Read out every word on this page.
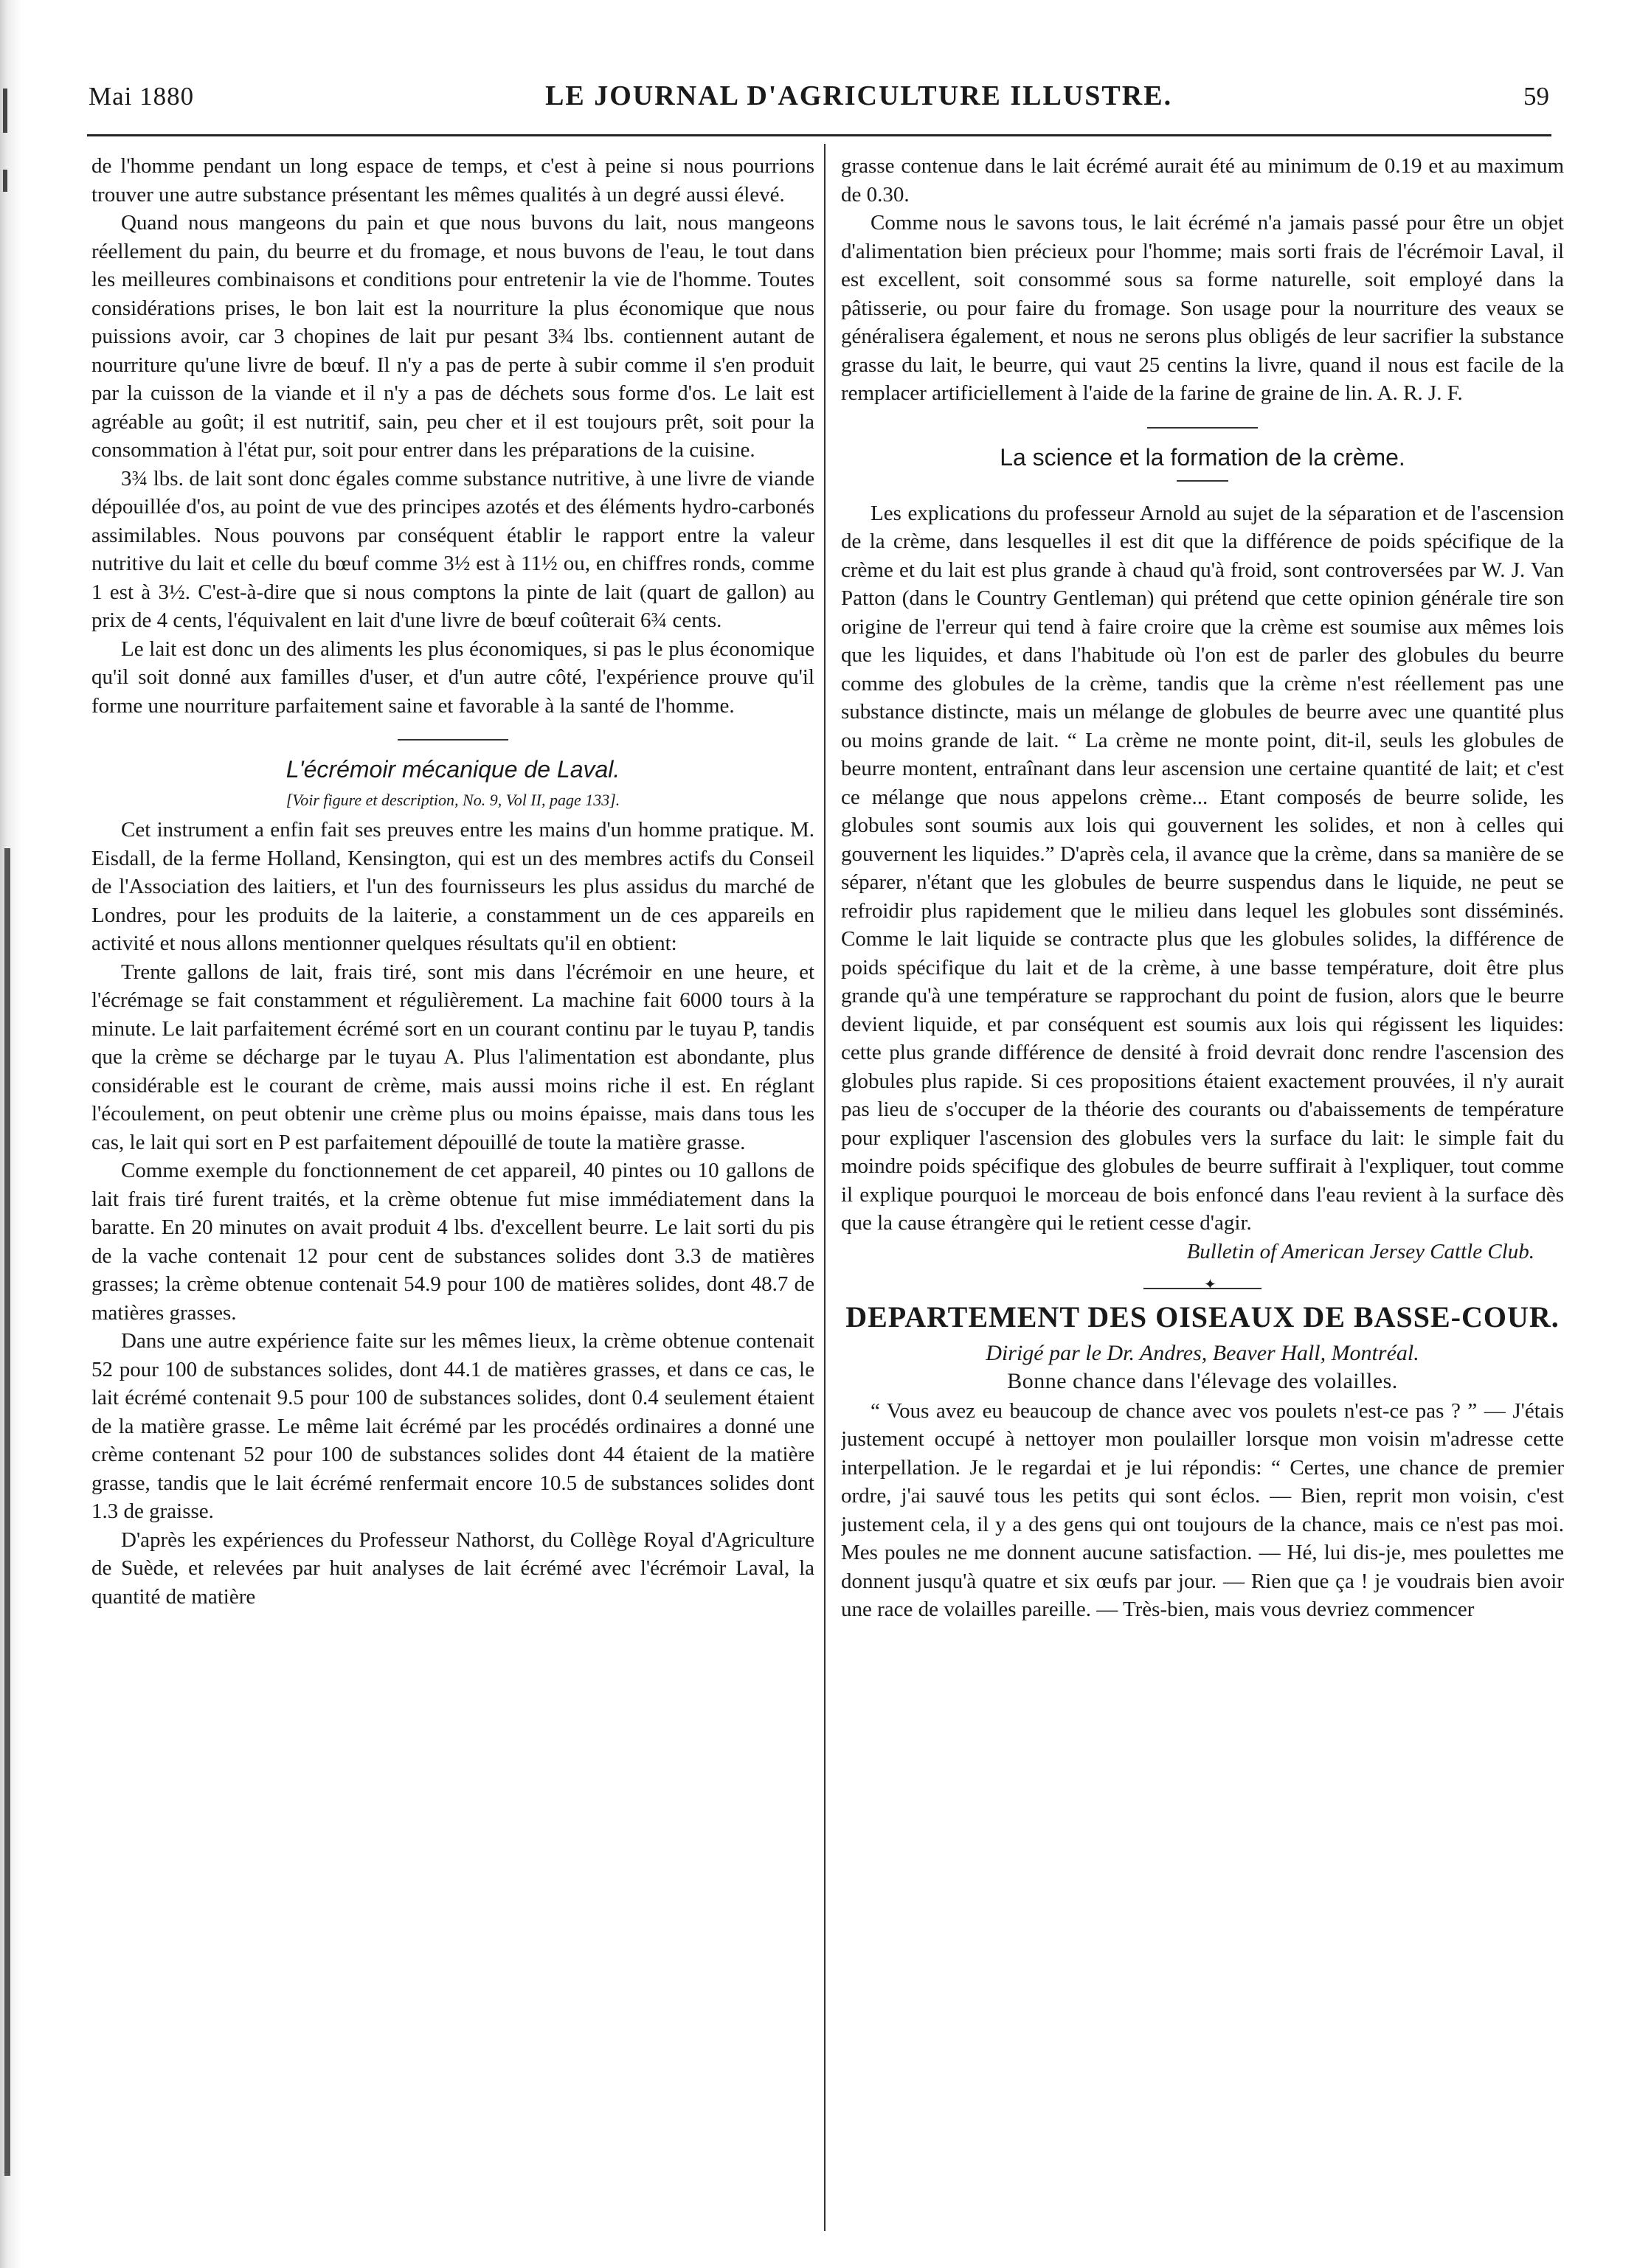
Mai 1880	LE JOURNAL D'AGRICULTURE ILLUSTRE.	59

de l'homme pendant un long espace de temps, et c'est à peine si nous pourrions trouver une autre substance présentant les mêmes qualités à un degré aussi élevé.

Quand nous mangeons du pain et que nous buvons du lait, nous mangeons réellement du pain, du beurre et du fromage, et nous buvons de l'eau, le tout dans les meilleures combinaisons et conditions pour entretenir la vie de l'homme. Toutes considérations prises, le bon lait est la nourriture la plus économique que nous puissions avoir, car 3 chopines de lait pur pesant 3¾ lbs. contiennent autant de nourriture qu'une livre de bœuf. Il n'y a pas de perte à subir comme il s'en produit par la cuisson de la viande et il n'y a pas de déchets sous forme d'os. Le lait est agréable au goût; il est nutritif, sain, peu cher et il est toujours prêt, soit pour la consommation à l'état pur, soit pour entrer dans les préparations de la cuisine.

3¾ lbs. de lait sont donc égales comme substance nutritive, à une livre de viande dépouillée d'os, au point de vue des principes azotés et des éléments hydro-carbonés assimilables. Nous pouvons par conséquent établir le rapport entre la valeur nutritive du lait et celle du bœuf comme 3½ est à 11½ ou, en chiffres ronds, comme 1 est à 3½. C'est-à-dire que si nous comptons la pinte de lait (quart de gallon) au prix de 4 cents, l'équivalent en lait d'une livre de bœuf coûterait 6¾ cents.

Le lait est donc un des aliments les plus économiques, si pas le plus économique qu'il soit donné aux familles d'user, et d'un autre côté, l'expérience prouve qu'il forme une nourriture parfaitement saine et favorable à la santé de l'homme.

L'écrémoir mécanique de Laval.
[Voir figure et description, No. 9, Vol II, page 133].

Cet instrument a enfin fait ses preuves entre les mains d'un homme pratique. M. Eisdall, de la ferme Holland, Kensington, qui est un des membres actifs du Conseil de l'Association des laitiers, et l'un des fournisseurs les plus assidus du marché de Londres, pour les produits de la laiterie, a constamment un de ces appareils en activité et nous allons mentionner quelques résultats qu'il en obtient:

Trente gallons de lait, frais tiré, sont mis dans l'écrémoir en une heure, et l'écrémage se fait constamment et régulièrement. La machine fait 6000 tours à la minute. Le lait parfaitement écrémé sort en un courant continu par le tuyau P, tandis que la crème se décharge par le tuyau A. Plus l'alimentation est abondante, plus considérable est le courant de crème, mais aussi moins riche il est. En réglant l'écoulement, on peut obtenir une crème plus ou moins épaisse, mais dans tous les cas, le lait qui sort en P est parfaitement dépouillé de toute la matière grasse.

Comme exemple du fonctionnement de cet appareil, 40 pintes ou 10 gallons de lait frais tiré furent traités, et la crème obtenue fut mise immédiatement dans la baratte. En 20 minutes on avait produit 4 lbs. d'excellent beurre. Le lait sorti du pis de la vache contenait 12 pour cent de substances solides dont 3.3 de matières grasses; la crème obtenue contenait 54.9 pour 100 de matières solides, dont 48.7 de matières grasses.

Dans une autre expérience faite sur les mêmes lieux, la crème obtenue contenait 52 pour 100 de substances solides, dont 44.1 de matières grasses, et dans ce cas, le lait écrémé contenait 9.5 pour 100 de substances solides, dont 0.4 seulement étaient de la matière grasse. Le même lait écrémé par les procédés ordinaires a donné une crème contenant 52 pour 100 de substances solides dont 44 étaient de la matière grasse, tandis que le lait écrémé renfermait encore 10.5 de substances solides dont 1.3 de graisse.

D'après les expériences du Professeur Nathorst, du Collège Royal d'Agriculture de Suède, et relevées par huit analyses de lait écrémé avec l'écrémoir Laval, la quantité de matière

grasse contenue dans le lait écrémé aurait été au minimum de 0.19 et au maximum de 0.30.

Comme nous le savons tous, le lait écrémé n'a jamais passé pour être un objet d'alimentation bien précieux pour l'homme; mais sorti frais de l'écrémoir Laval, il est excellent, soit consommé sous sa forme naturelle, soit employé dans la pâtisserie, ou pour faire du fromage. Son usage pour la nourriture des veaux se généralisera également, et nous ne serons plus obligés de leur sacrifier la substance grasse du lait, le beurre, qui vaut 25 centins la livre, quand il nous est facile de la remplacer artificiellement à l'aide de la farine de graine de lin. A. R. J. F.

La science et la formation de la crème.

Les explications du professeur Arnold au sujet de la séparation et de l'ascension de la crème, dans lesquelles il est dit que la différence de poids spécifique de la crème et du lait est plus grande à chaud qu'à froid, sont controversées par W. J. Van Patton (dans le Country Gentleman) qui prétend que cette opinion générale tire son origine de l'erreur qui tend à faire croire que la crème est soumise aux mêmes lois que les liquides, et dans l'habitude où l'on est de parler des globules du beurre comme des globules de la crème, tandis que la crème n'est réellement pas une substance distincte, mais un mélange de globules de beurre avec une quantité plus ou moins grande de lait. “ La crème ne monte point, dit-il, seuls les globules de beurre montent, entraînant dans leur ascension une certaine quantité de lait; et c'est ce mélange que nous appelons crème... Etant composés de beurre solide, les globules sont soumis aux lois qui gouvernent les solides, et non à celles qui gouvernent les liquides.” D'après cela, il avance que la crème, dans sa manière de se séparer, n'étant que les globules de beurre suspendus dans le liquide, ne peut se refroidir plus rapidement que le milieu dans lequel les globules sont disséminés. Comme le lait liquide se contracte plus que les globules solides, la différence de poids spécifique du lait et de la crème, à une basse température, doit être plus grande qu'à une température se rapprochant du point de fusion, alors que le beurre devient liquide, et par conséquent est soumis aux lois qui régissent les liquides: cette plus grande différence de densité à froid devrait donc rendre l'ascension des globules plus rapide. Si ces propositions étaient exactement prouvées, il n'y aurait pas lieu de s'occuper de la théorie des courants ou d'abaissements de température pour expliquer l'ascension des globules vers la surface du lait: le simple fait du moindre poids spécifique des globules de beurre suffirait à l'expliquer, tout comme il explique pourquoi le morceau de bois enfoncé dans l'eau revient à la surface dès que la cause étrangère qui le retient cesse d'agir.

Bulletin of American Jersey Cattle Club.
✦
DEPARTEMENT DES OISEAUX DE BASSE-COUR.
Dirigé par le Dr. Andres, Beaver Hall, Montréal.
Bonne chance dans l'élevage des volailles.

“ Vous avez eu beaucoup de chance avec vos poulets n'est-ce pas ? ” — J'étais justement occupé à nettoyer mon poulailler lorsque mon voisin m'adresse cette interpellation. Je le regardai et je lui répondis: “ Certes, une chance de premier ordre, j'ai sauvé tous les petits qui sont éclos. — Bien, reprit mon voisin, c'est justement cela, il y a des gens qui ont toujours de la chance, mais ce n'est pas moi. Mes poules ne me donnent aucune satisfaction. — Hé, lui dis-je, mes poulettes me donnent jusqu'à quatre et six œufs par jour. — Rien que ça ! je voudrais bien avoir une race de volailles pareille. — Très-bien, mais vous devriez commencer
